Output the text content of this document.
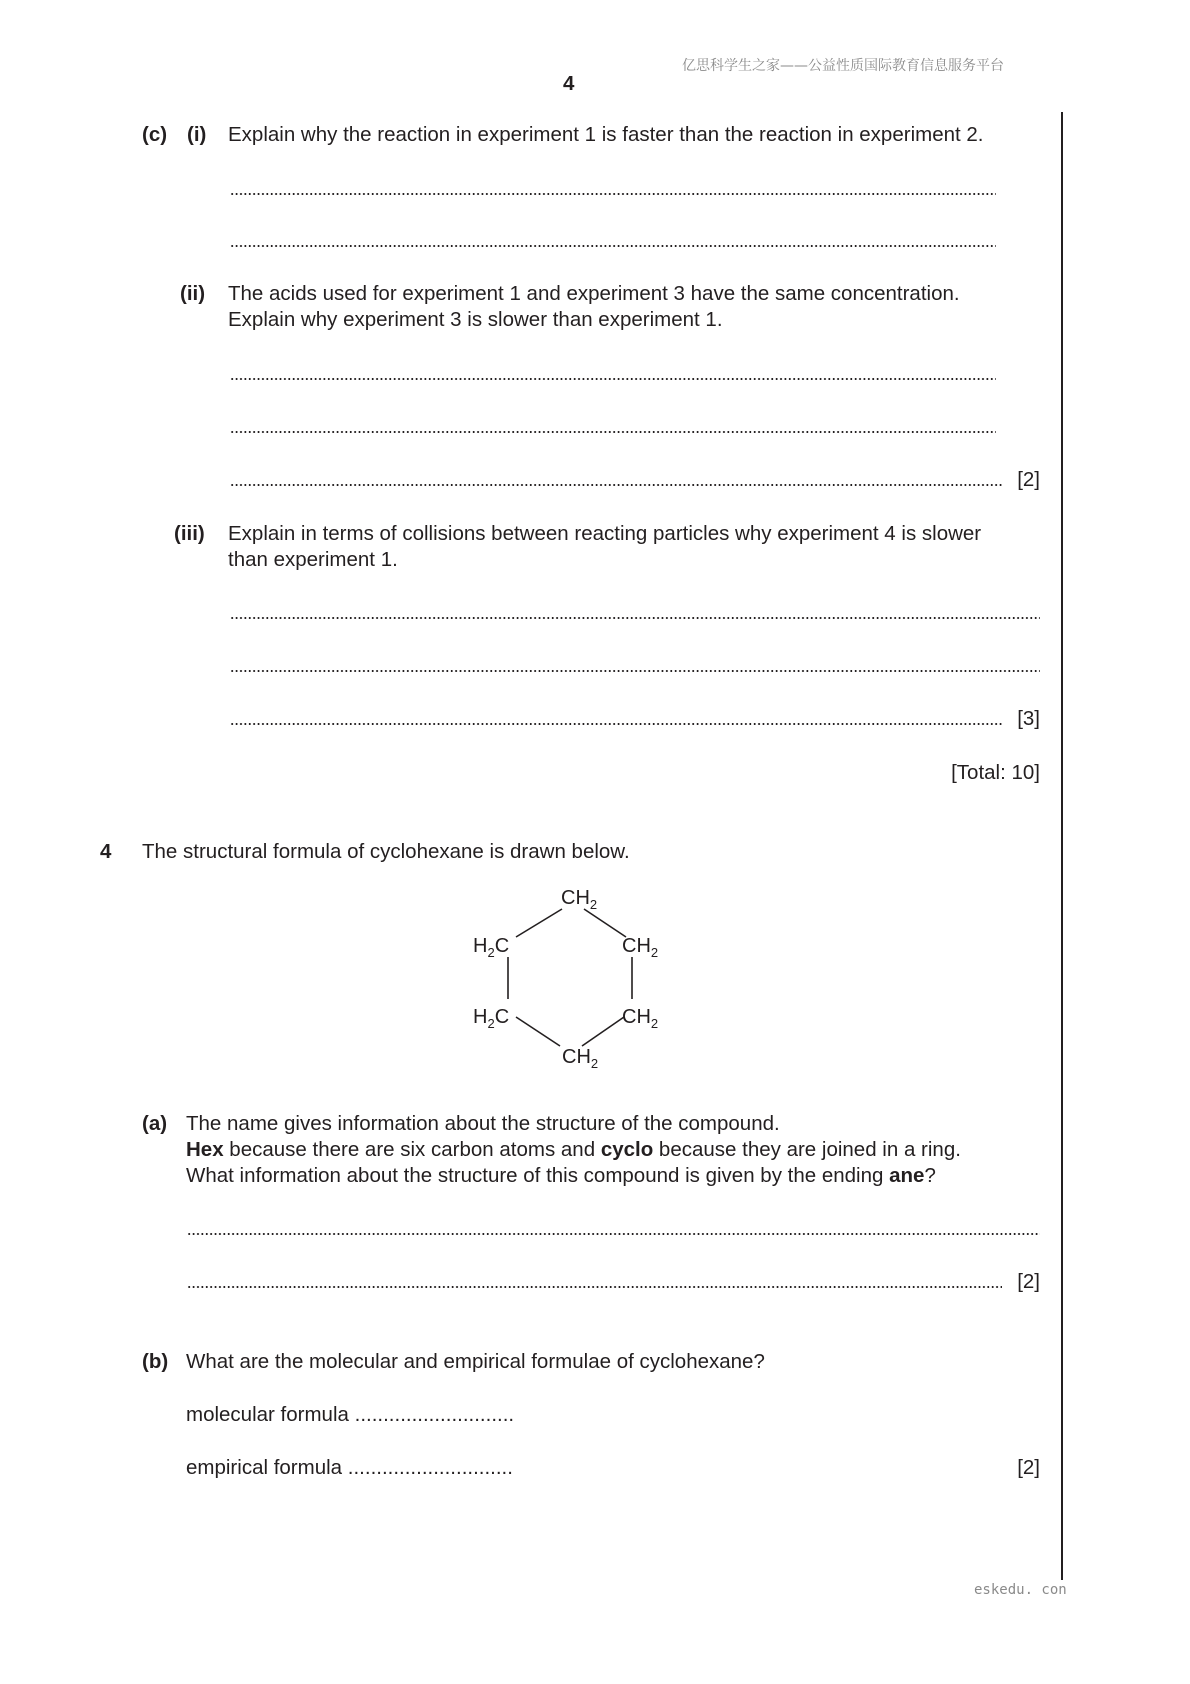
亿思科学生之家——公益性质国际教育信息服务平台
4
(c) (i) Explain why the reaction in experiment 1 is faster than the reaction in experiment 2.
(ii) The acids used for experiment 1 and experiment 3 have the same concentration.
Explain why experiment 3 is slower than experiment 1.
[2]
(iii) Explain in terms of collisions between reacting particles why experiment 4 is slower
than experiment 1.
[3]
[Total: 10]
4 The structural formula of cyclohexane is drawn below.
$CH_2$
$H_2C$	$CH_2$
$H_2C$	$CH_2$
$CH_2$
(a) The name gives information about the structure of the compound.
Hex because there are six carbon atoms and cyclo because they are joined in a ring.
What information about the structure of this compound is given by the ending ane?
[2]
(b) What are the molecular and empirical formulae of cyclohexane?
molecular formula ............................
empirical formula .............................	[2]
eskedu. con
